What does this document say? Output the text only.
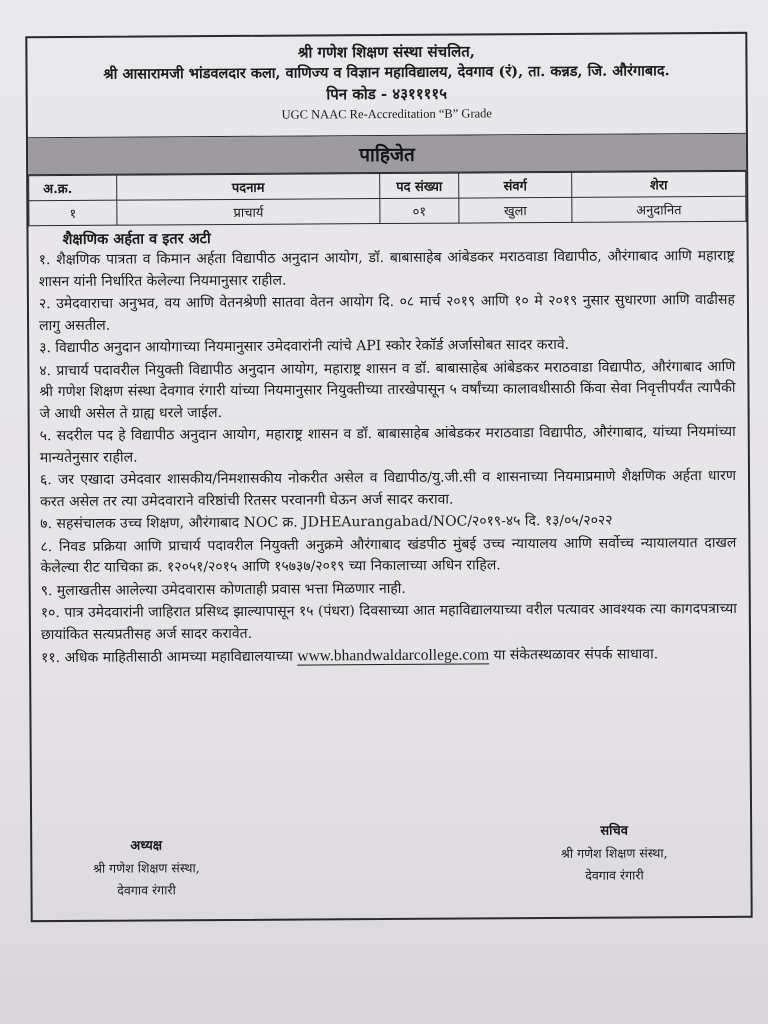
श्री गणेश शिक्षण संस्था संचलित,
श्री आसारामजी भांडवलदार कला, वाणिज्य व विज्ञान महाविद्यालय, देवगाव (रं), ता. कन्नड, जि. औरंगाबाद.
पिन कोड - ४३११११५
UGC NAAC Re-Accreditation “B” Grade
पाहिजेत
अ.क्र.	पदनाम	पद संख्या	संवर्ग	शेरा
१	प्राचार्य	०१	खुला	अनुदानित
शैक्षणिक अर्हता व इतर अटी
१. शैक्षणिक पात्रता व किमान अर्हता विद्यापीठ अनुदान आयोग, डॉ. बाबासाहेब आंबेडकर मराठवाडा विद्यापीठ, औरंगाबाद आणि महाराष्ट्र शासन यांनी निर्धारित केलेल्या नियमानुसार राहील.
२. उमेदवाराचा अनुभव, वय आणि वेतनश्रेणी सातवा वेतन आयोग दि. ०८ मार्च २०१९ आणि १० मे २०१९ नुसार सुधारणा आणि वाढीसह लागु असतील.
३. विद्यापीठ अनुदान आयोगाच्या नियमानुसार उमेदवारांनी त्यांचे API स्कोर रेकॉर्ड अर्जासोबत सादर करावे.
४. प्राचार्य पदावरील नियुक्ती विद्यापीठ अनुदान आयोग, महाराष्ट्र शासन व डॉ. बाबासाहेब आंबेडकर मराठवाडा विद्यापीठ, औरंगाबाद आणि श्री गणेश शिक्षण संस्था देवगाव रंगारी यांच्या नियमानुसार नियुक्तीच्या तारखेपासून ५ वर्षांच्या कालावधीसाठी किंवा सेवा निवृत्तीपर्यंत त्यापैकी जे आधी असेल ते ग्राह्य धरले जाईल.
५. सदरील पद हे विद्यापीठ अनुदान आयोग, महाराष्ट्र शासन व डॉ. बाबासाहेब आंबेडकर मराठवाडा विद्यापीठ, औरंगाबाद, यांच्या नियमांच्या मान्यतेनुसार राहील.
६. जर एखादा उमेदवार शासकीय/निमशासकीय नोकरीत असेल व विद्यापीठ/यु.जी.सी व शासनाच्या नियमाप्रमाणे शैक्षणिक अर्हता धारण करत असेल तर त्या उमेदवाराने वरिष्ठांची रितसर परवानगी घेऊन अर्ज सादर करावा.
७. सहसंचालक उच्च शिक्षण, औरंगाबाद NOC क्र. JDHEAurangabad/NOC/२०१९-४५ दि. १३/०५/२०२२
८. निवड प्रक्रिया आणि प्राचार्य पदावरील नियुक्ती अनुक्रमे औरंगाबाद खंडपीठ मुंबई उच्च न्यायालय आणि सर्वोच्च न्यायालयात दाखल केलेल्या रीट याचिका क्र. १२०५१/२०१५ आणि १५७३७/२०१९ च्या निकालाच्या अधिन राहिल.
९. मुलाखतीस आलेल्या उमेदवारास कोणताही प्रवास भत्ता मिळणार नाही.
१०. पात्र उमेदवारांनी जाहिरात प्रसिध्द झाल्यापासून १५ (पंधरा) दिवसाच्या आत महाविद्यालयाच्या वरील पत्यावर आवश्यक त्या कागदपत्राच्या छायांकित सत्यप्रतीसह अर्ज सादर करावेत.
११. अधिक माहितीसाठी आमच्या महाविद्यालयाच्या www.bhandwaldarcollege.com या संकेतस्थळावर संपर्क साधावा.
अध्यक्ष
श्री गणेश शिक्षण संस्था,
देवगाव रंगारी
सचिव
श्री गणेश शिक्षण संस्था,
देवगाव रंगारी
